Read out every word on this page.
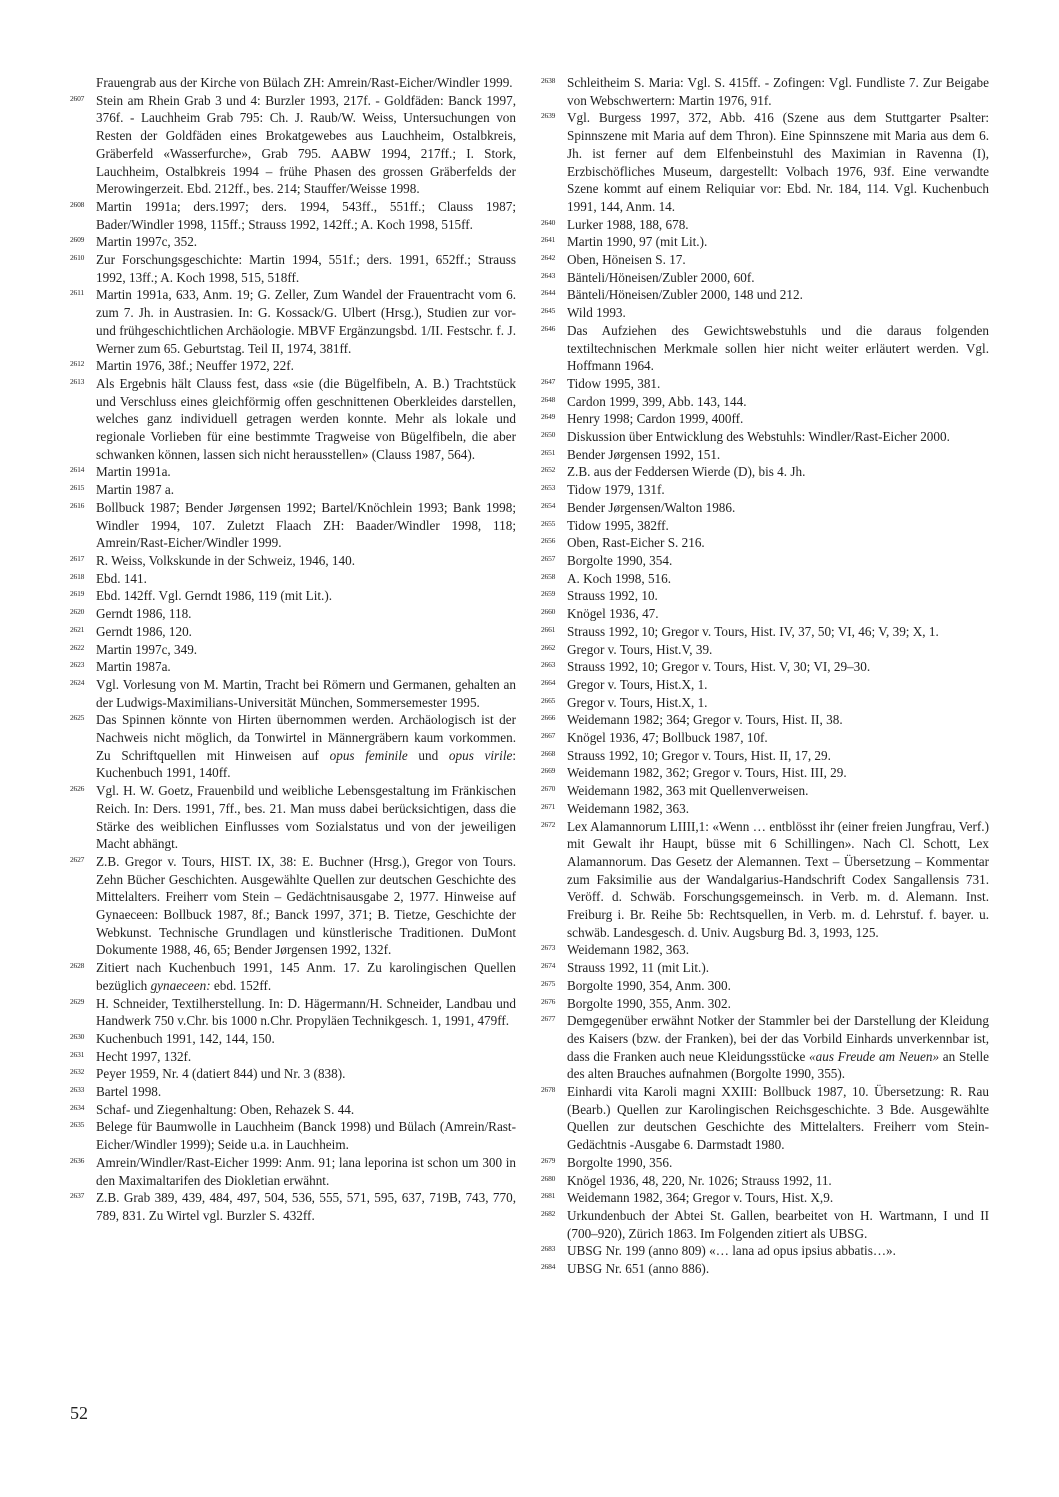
Frauengrab aus der Kirche von Bülach ZH: Amrein/Rast-Eicher/Windler 1999.
2607 Stein am Rhein Grab 3 und 4: Burzler 1993, 217f. - Goldfäden: Banck 1997, 376f. - Lauchheim Grab 795: Ch. J. Raub/W. Weiss, Untersuchungen von Resten der Goldfäden eines Brokatgewebes aus Lauchheim, Ostalbkreis, Gräberfeld «Wasserfurche», Grab 795. AABW 1994, 217ff.; I. Stork, Lauchheim, Ostalbkreis 1994 – frühe Phasen des grossen Gräberfelds der Merowingerzeit. Ebd. 212ff., bes. 214; Stauffer/Weisse 1998.
2608 Martin 1991a; ders.1997; ders. 1994, 543ff., 551ff.; Clauss 1987; Bader/Windler 1998, 115ff.; Strauss 1992, 142ff.; A. Koch 1998, 515ff.
2609 Martin 1997c, 352.
2610 Zur Forschungsgeschichte: Martin 1994, 551f.; ders. 1991, 652ff.; Strauss 1992, 13ff.; A. Koch 1998, 515, 518ff.
2611 Martin 1991a, 633, Anm. 19; G. Zeller, Zum Wandel der Frauentracht vom 6. zum 7. Jh. in Austrasien. In: G. Kossack/G. Ulbert (Hrsg.), Studien zur vor- und frühgeschichtlichen Archäologie. MBVF Ergänzungsbd. 1/II. Festschr. f. J. Werner zum 65. Geburtstag. Teil II, 1974, 381ff.
2612 Martin 1976, 38f.; Neuffer 1972, 22f.
2613 Als Ergebnis hält Clauss fest, dass «sie (die Bügelfibeln, A. B.) Trachtstück und Verschluss eines gleichförmig offen geschnittenen Oberkleides darstellen, welches ganz individuell getragen werden konnte. Mehr als lokale und regionale Vorlieben für eine bestimmte Tragweise von Bügelfibeln, die aber schwanken können, lassen sich nicht herausstellen» (Clauss 1987, 564).
2614 Martin 1991a.
2615 Martin 1987 a.
2616 Bollbuck 1987; Bender Jørgensen 1992; Bartel/Knöchlein 1993; Bank 1998; Windler 1994, 107. Zuletzt Flaach ZH: Baader/Windler 1998, 118; Amrein/Rast-Eicher/Windler 1999.
2617 R. Weiss, Volkskunde in der Schweiz, 1946, 140.
2618 Ebd. 141.
2619 Ebd. 142ff. Vgl. Gerndt 1986, 119 (mit Lit.).
2620 Gerndt 1986, 118.
2621 Gerndt 1986, 120.
2622 Martin 1997c, 349.
2623 Martin 1987a.
2624 Vgl. Vorlesung von M. Martin, Tracht bei Römern und Germanen, gehalten an der Ludwigs-Maximilians-Universität München, Sommersemester 1995.
2625 Das Spinnen könnte von Hirten übernommen werden. Archäologisch ist der Nachweis nicht möglich, da Tonwirtel in Männergräbern kaum vorkommen. Zu Schriftquellen mit Hinweisen auf opus feminile und opus virile: Kuchenbuch 1991, 140ff.
2626 Vgl. H. W. Goetz, Frauenbild und weibliche Lebensgestaltung im Fränkischen Reich. In: Ders. 1991, 7ff., bes. 21. Man muss dabei berücksichtigen, dass die Stärke des weiblichen Einflusses vom Sozialstatus und von der jeweiligen Macht abhängt.
2627 Z.B. Gregor v. Tours, HIST. IX, 38: E. Buchner (Hrsg.), Gregor von Tours. Zehn Bücher Geschichten. Ausgewählte Quellen zur deutschen Geschichte des Mittelalters. Freiherr vom Stein – Gedächtnisausgabe 2, 1977. Hinweise auf Gynaeceen: Bollbuck 1987, 8f.; Banck 1997, 371; B. Tietze, Geschichte der Webkunst. Technische Grundlagen und künstlerische Traditionen. DuMont Dokumente 1988, 46, 65; Bender Jørgensen 1992, 132f.
2628 Zitiert nach Kuchenbuch 1991, 145 Anm. 17. Zu karolingischen Quellen bezüglich gynaeceen: ebd. 152ff.
2629 H. Schneider, Textilherstellung. In: D. Hägermann/H. Schneider, Landbau und Handwerk 750 v.Chr. bis 1000 n.Chr. Propyläen Technikgesch. 1, 1991, 479ff.
2630 Kuchenbuch 1991, 142, 144, 150.
2631 Hecht 1997, 132f.
2632 Peyer 1959, Nr. 4 (datiert 844) und Nr. 3 (838).
2633 Bartel 1998.
2634 Schaf- und Ziegenhaltung: Oben, Rehazek S. 44.
2635 Belege für Baumwolle in Lauchheim (Banck 1998) und Bülach (Amrein/Rast-Eicher/Windler 1999); Seide u.a. in Lauchheim.
2636 Amrein/Windler/Rast-Eicher 1999: Anm. 91; lana leporina ist schon um 300 in den Maximaltarifen des Diokletian erwähnt.
2637 Z.B. Grab 389, 439, 484, 497, 504, 536, 555, 571, 595, 637, 719B, 743, 770, 789, 831. Zu Wirtel vgl. Burzler S. 432ff.
2638 Schleitheim S. Maria: Vgl. S. 415ff. - Zofingen: Vgl. Fundliste 7. Zur Beigabe von Webschwertern: Martin 1976, 91f.
2639 Vgl. Burgess 1997, 372, Abb. 416 (Szene aus dem Stuttgarter Psalter: Spinnszene mit Maria auf dem Thron). Eine Spinnszene mit Maria aus dem 6. Jh. ist ferner auf dem Elfenbeinstuhl des Maximian in Ravenna (I), Erzbischöfliches Museum, dargestellt: Volbach 1976, 93f. Eine verwandte Szene kommt auf einem Reliquiar vor: Ebd. Nr. 184, 114. Vgl. Kuchenbuch 1991, 144, Anm. 14.
2640 Lurker 1988, 188, 678.
2641 Martin 1990, 97 (mit Lit.).
2642 Oben, Höneisen S. 17.
2643 Bänteli/Höneisen/Zubler 2000, 60f.
2644 Bänteli/Höneisen/Zubler 2000, 148 und 212.
2645 Wild 1993.
2646 Das Aufziehen des Gewichtswebstuhls und die daraus folgenden textiltechnischen Merkmale sollen hier nicht weiter erläutert werden. Vgl. Hoffmann 1964.
2647 Tidow 1995, 381.
2648 Cardon 1999, 399, Abb. 143, 144.
2649 Henry 1998; Cardon 1999, 400ff.
2650 Diskussion über Entwicklung des Webstuhls: Windler/Rast-Eicher 2000.
2651 Bender Jørgensen 1992, 151.
2652 Z.B. aus der Feddersen Wierde (D), bis 4. Jh.
2653 Tidow 1979, 131f.
2654 Bender Jørgensen/Walton 1986.
2655 Tidow 1995, 382ff.
2656 Oben, Rast-Eicher S. 216.
2657 Borgolte 1990, 354.
2658 A. Koch 1998, 516.
2659 Strauss 1992, 10.
2660 Knögel 1936, 47.
2661 Strauss 1992, 10; Gregor v. Tours, Hist. IV, 37, 50; VI, 46; V, 39; X, 1.
2662 Gregor v. Tours, Hist.V, 39.
2663 Strauss 1992, 10; Gregor v. Tours, Hist. V, 30; VI, 29–30.
2664 Gregor v. Tours, Hist.X, 1.
2665 Gregor v. Tours, Hist.X, 1.
2666 Weidemann 1982; 364; Gregor v. Tours, Hist. II, 38.
2667 Knögel 1936, 47; Bollbuck 1987, 10f.
2668 Strauss 1992, 10; Gregor v. Tours, Hist. II, 17, 29.
2669 Weidemann 1982, 362; Gregor v. Tours, Hist. III, 29.
2670 Weidemann 1982, 363 mit Quellenverweisen.
2671 Weidemann 1982, 363.
2672 Lex Alamannorum LIIII,1: «Wenn … entblösst ihr (einer freien Jungfrau, Verf.) mit Gewalt ihr Haupt, büsse mit 6 Schillingen». Nach Cl. Schott, Lex Alamannorum. Das Gesetz der Alemannen. Text – Übersetzung – Kommentar zum Faksimilie aus der Wandalgarius-Handschrift Codex Sangallensis 731. Veröff. d. Schwäb. Forschungsgemeinsch. in Verb. m. d. Alemann. Inst. Freiburg i. Br. Reihe 5b: Rechtsquellen, in Verb. m. d. Lehrstuf. f. bayer. u. schwäb. Landesgesch. d. Univ. Augsburg Bd. 3, 1993, 125.
2673 Weidemann 1982, 363.
2674 Strauss 1992, 11 (mit Lit.).
2675 Borgolte 1990, 354, Anm. 300.
2676 Borgolte 1990, 355, Anm. 302.
2677 Demgegenüber erwähnt Notker der Stammler bei der Darstellung der Kleidung des Kaisers (bzw. der Franken), bei der das Vorbild Einhards unverkennbar ist, dass die Franken auch neue Kleidungsstücke «aus Freude am Neuen» an Stelle des alten Brauches aufnahmen (Borgolte 1990, 355).
2678 Einhardi vita Karoli magni XXIII: Bollbuck 1987, 10. Übersetzung: R. Rau (Bearb.) Quellen zur Karolingischen Reichsgeschichte. 3 Bde. Ausgewählte Quellen zur deutschen Geschichte des Mittelalters. Freiherr vom Stein-Gedächtnis -Ausgabe 6. Darmstadt 1980.
2679 Borgolte 1990, 356.
2680 Knögel 1936, 48, 220, Nr. 1026; Strauss 1992, 11.
2681 Weidemann 1982, 364; Gregor v. Tours, Hist. X,9.
2682 Urkundenbuch der Abtei St. Gallen, bearbeitet von H. Wartmann, I und II (700–920), Zürich 1863. Im Folgenden zitiert als UBSG.
2683 UBSG Nr. 199 (anno 809) «… lana ad opus ipsius abbatis…».
2684 UBSG Nr. 651 (anno 886).
52
